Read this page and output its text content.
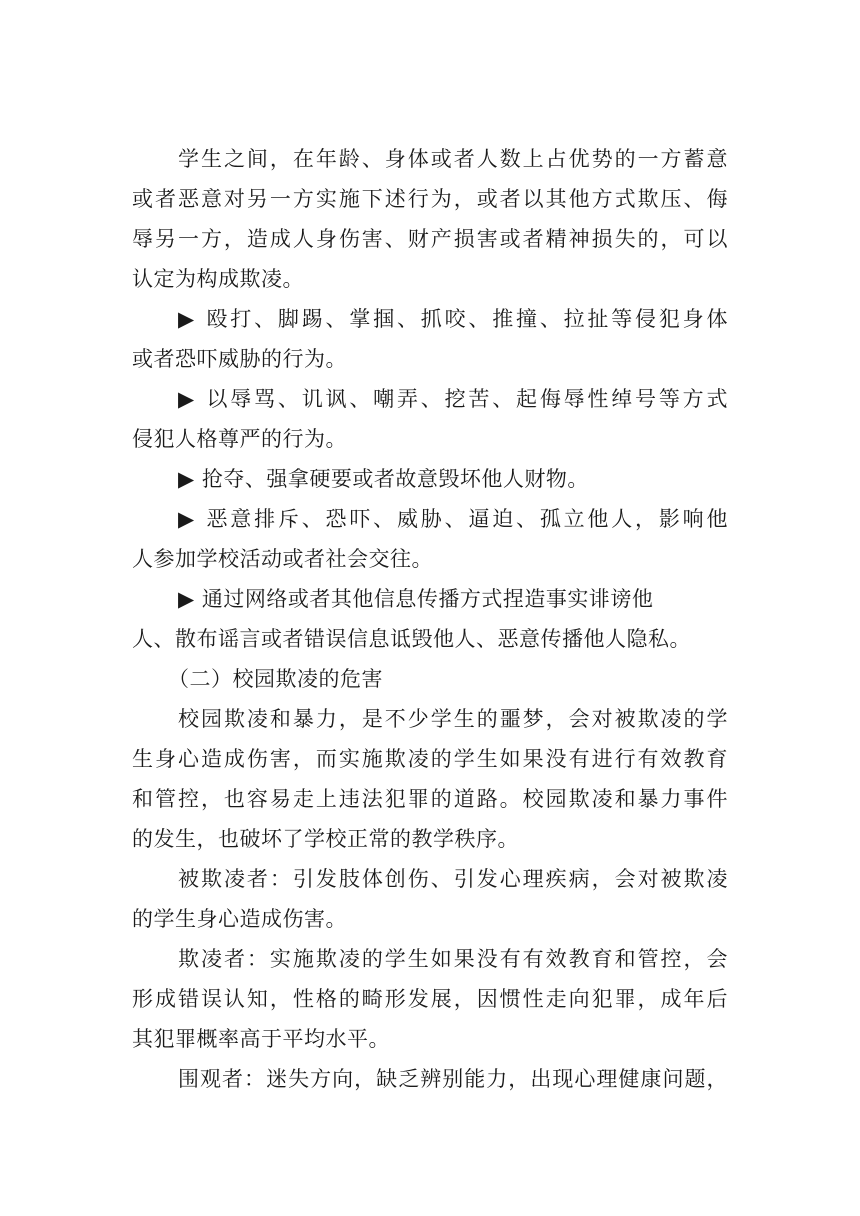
学生之间，在年龄、身体或者人数上占优势的一方蓄意
或者恶意对另一方实施下述行为，或者以其他方式欺压、侮
辱另一方，造成人身伤害、财产损害或者精神损失的，可以
认定为构成欺凌。
▶ 殴打、脚踢、掌掴、抓咬、推撞、拉扯等侵犯身体
或者恐吓威胁的行为。
▶ 以辱骂、讥讽、嘲弄、挖苦、起侮辱性绰号等方式
侵犯人格尊严的行为。
▶ 抢夺、强拿硬要或者故意毁坏他人财物。
▶ 恶意排斥、恐吓、威胁、逼迫、孤立他人，影响他
人参加学校活动或者社会交往。
▶ 通过网络或者其他信息传播方式捏造事实诽谤他
人、散布谣言或者错误信息诋毁他人、恶意传播他人隐私。
（二）校园欺凌的危害
校园欺凌和暴力，是不少学生的噩梦，会对被欺凌的学
生身心造成伤害，而实施欺凌的学生如果没有进行有效教育
和管控，也容易走上违法犯罪的道路。校园欺凌和暴力事件
的发生，也破坏了学校正常的教学秩序。
被欺凌者：引发肢体创伤、引发心理疾病，会对被欺凌
的学生身心造成伤害。
欺凌者：实施欺凌的学生如果没有有效教育和管控，会
形成错误认知，性格的畸形发展，因惯性走向犯罪，成年后
其犯罪概率高于平均水平。
围观者：迷失方向，缺乏辨别能力，出现心理健康问题，
